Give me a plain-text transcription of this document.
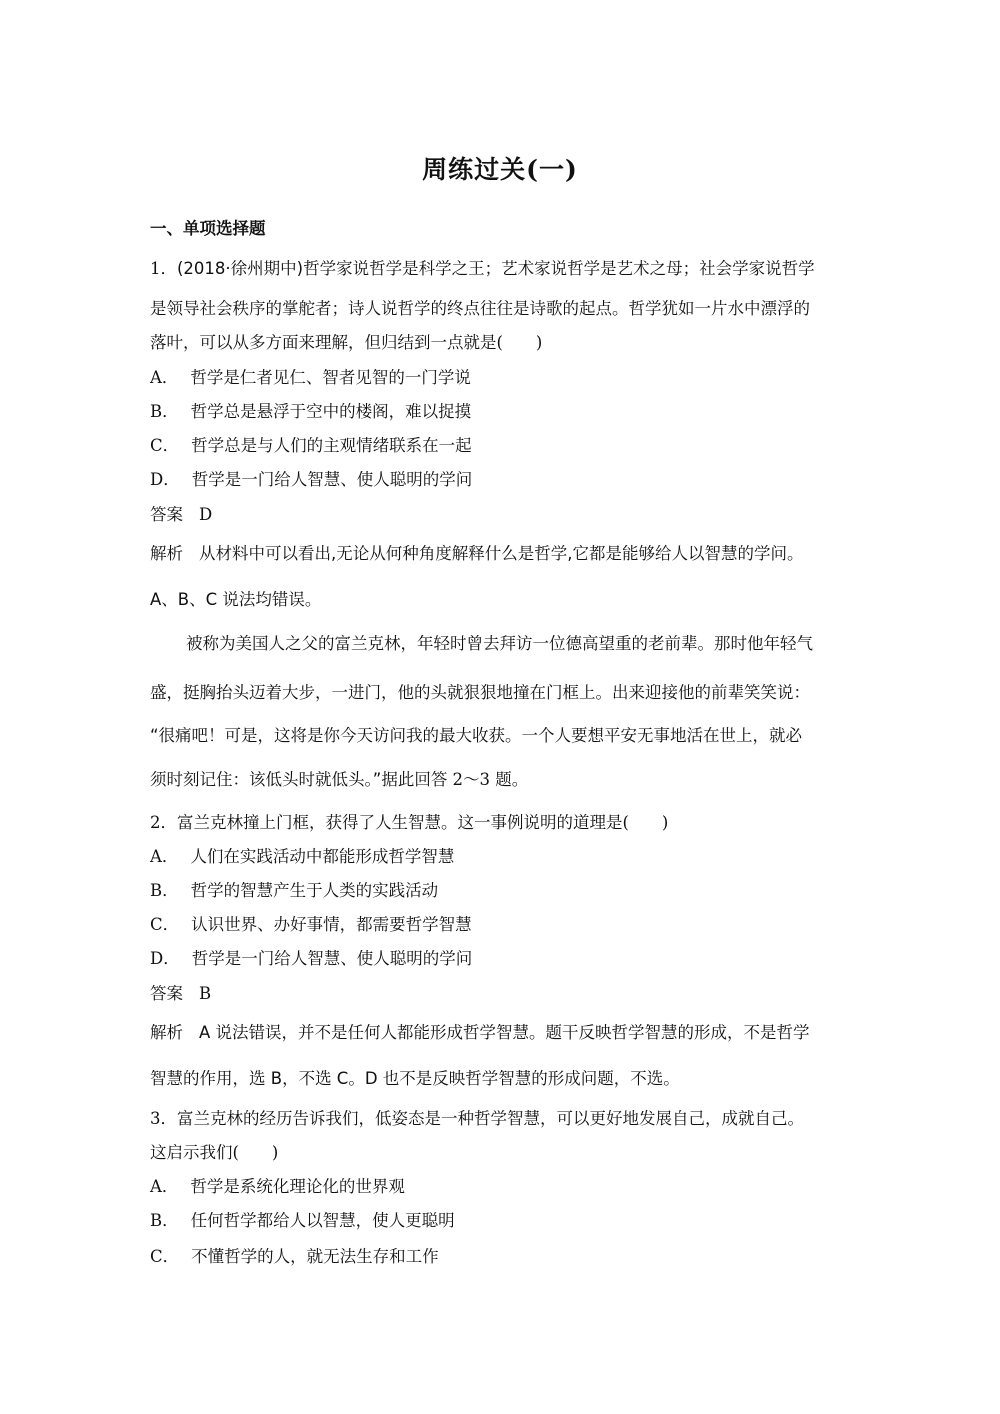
周练过关(一)
一、单项选择题
1．(2018·徐州期中)哲学家说哲学是科学之王；艺术家说哲学是艺术之母；社会学家说哲学
是领导社会秩序的掌舵者；诗人说哲学的终点往往是诗歌的起点。哲学犹如一片水中漂浮的
落叶，可以从多方面来理解，但归结到一点就是(　　)
A． 哲学是仁者见仁、智者见智的一门学说
B． 哲学总是悬浮于空中的楼阁，难以捉摸
C． 哲学总是与人们的主观情绪联系在一起
D． 哲学是一门给人智慧、使人聪明的学问
答案 D
解析 从材料中可以看出,无论从何种角度解释什么是哲学,它都是能够给人以智慧的学问。
A、B、C 说法均错误。
被称为美国人之父的富兰克林，年轻时曾去拜访一位德高望重的老前辈。那时他年轻气
盛，挺胸抬头迈着大步，一进门，他的头就狠狠地撞在门框上。出来迎接他的前辈笑笑说：
“很痛吧！可是，这将是你今天访问我的最大收获。一个人要想平安无事地活在世上，就必
须时刻记住：该低头时就低头。”据此回答 2～3 题。
2．富兰克林撞上门框，获得了人生智慧。这一事例说明的道理是(　　)
A． 人们在实践活动中都能形成哲学智慧
B． 哲学的智慧产生于人类的实践活动
C． 认识世界、办好事情，都需要哲学智慧
D． 哲学是一门给人智慧、使人聪明的学问
答案 B
解析 A 说法错误，并不是任何人都能形成哲学智慧。题干反映哲学智慧的形成，不是哲学
智慧的作用，选 B，不选 C。D 也不是反映哲学智慧的形成问题，不选。
3．富兰克林的经历告诉我们，低姿态是一种哲学智慧，可以更好地发展自己，成就自己。
这启示我们(　　)
A． 哲学是系统化理论化的世界观
B． 任何哲学都给人以智慧，使人更聪明
C． 不懂哲学的人，就无法生存和工作
